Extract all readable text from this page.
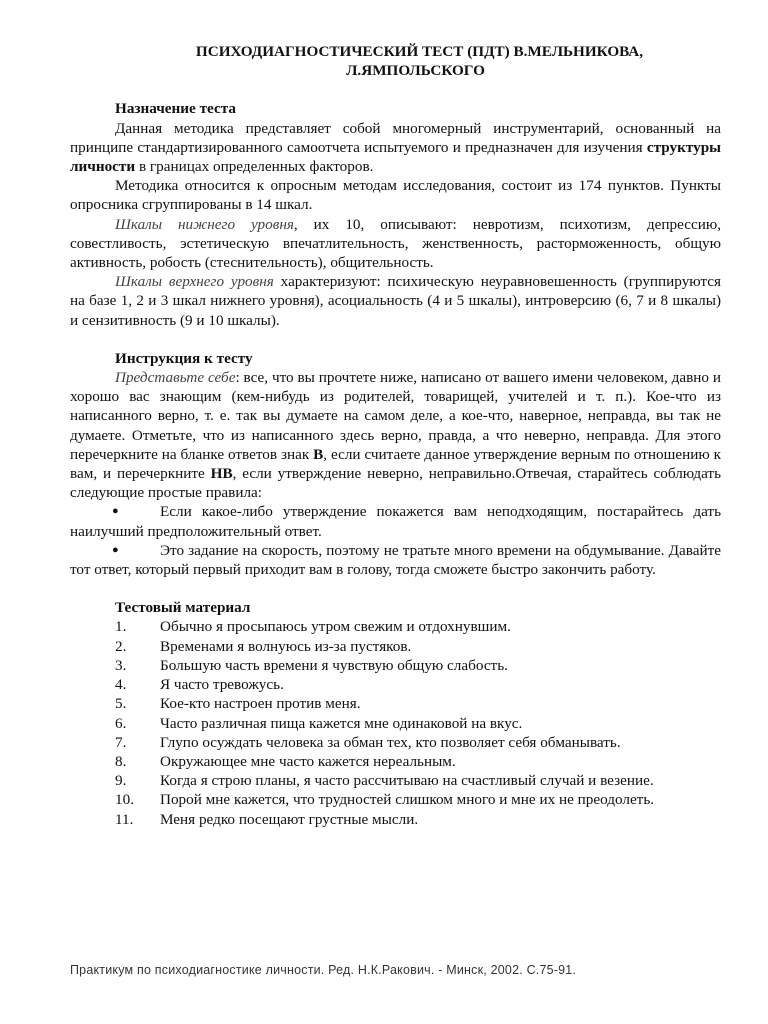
ПСИХОДИАГНОСТИЧЕСКИЙ ТЕСТ (ПДТ) В.МЕЛЬНИКОВА,

Л.ЯМПОЛЬСКОГО

Назначение теста

Данная методика представляет собой многомерный инструментарий, основанный на принципе стандартизированного самоотчета испытуемого и предназначен для изучения структуры личности в границах определенных факторов.

Методика относится к опросным методам исследования, состоит из 174 пунктов. Пункты опросника сгруппированы в 14 шкал.

Шкалы нижнего уровня, их 10, описывают: невротизм, психотизм, депрессию, совестливость, эстетическую впечатлительность, женственность, расторможенность, общую активность, робость (стеснительность), общительность.

Шкалы верхнего уровня характеризуют: психическую неуравновешенность (группируются на базе 1, 2 и 3 шкал нижнего уровня), асоциальность (4 и 5 шкалы), интроверсию (6, 7 и 8 шкалы) и сензитивность (9 и 10 шкалы).

Инструкция к тесту

Представьте себе: все, что вы прочтете ниже, написано от вашего имени человеком, давно и хорошо вас знающим (кем-нибудь из родителей, товарищей, учителей и т. п.). Кое-что из написанного верно, т. е. так вы думаете на самом деле, а кое-что, наверное, неправда, вы так не думаете. Отметьте, что из написанного здесь верно, правда, а что неверно, неправда. Для этого перечеркните на бланке ответов знак В, если считаете данное утверждение верным по отношению к вам, и перечеркните НВ, если утверждение неверно, неправильно.Отвечая, старайтесь соблюдать следующие простые правила:

●	Если какое-либо утверждение покажется вам неподходящим, постарайтесь дать наилучший предположительный ответ.
●	Это задание на скорость, поэтому не тратьте много времени на обдумывание. Давайте тот ответ, который первый приходит вам в голову, тогда сможете быстро закончить работу.
Тестовый материал
1.	Обычно я просыпаюсь утром свежим и отдохнувшим.
2.	Временами я волнуюсь из-за пустяков.
3.	Большую часть времени я чувствую общую слабость.
4.	Я часто тревожусь.
5.	Кое-кто настроен против меня.
6.	Часто различная пища кажется мне одинаковой на вкус.
7.	Глупо осуждать человека за обман тех, кто позволяет себя обманывать.
8.	Окружающее мне часто кажется нереальным.
9.	Когда я строю планы, я часто рассчитываю на счастливый случай и везение.
10.	Порой мне кажется, что трудностей слишком много и мне их не преодолеть.
11.	Меня редко посещают грустные мысли.
Практикум по психодиагностике личности. Ред. Н.К.Ракович. - Минск, 2002. С.75-91.
